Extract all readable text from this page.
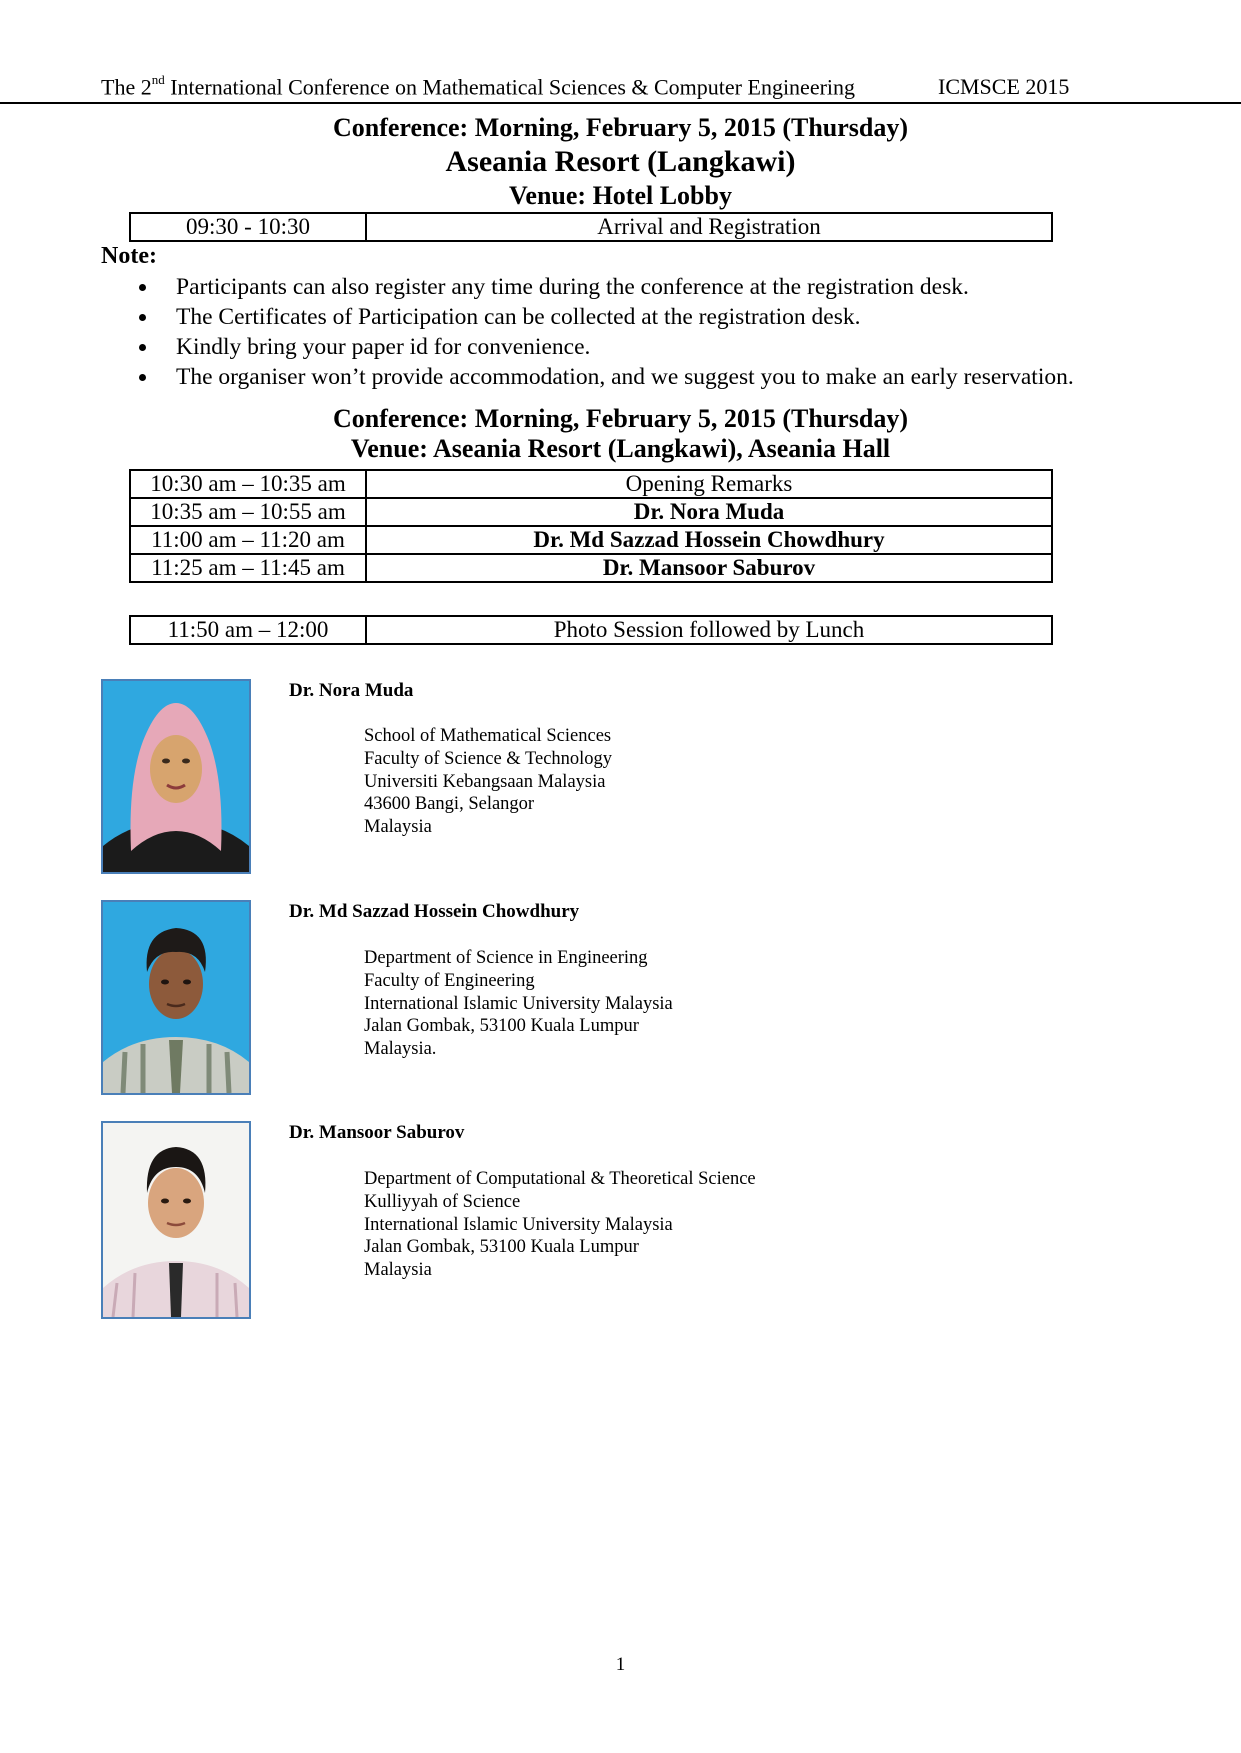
The 2nd International Conference on Mathematical Sciences & Computer Engineering	ICMSCE 2015
Conference: Morning, February 5, 2015 (Thursday)
Aseania Resort (Langkawi)
Venue: Hotel Lobby
09:30 - 10:30	Arrival and Registration
Note:
Participants can also register any time during the conference at the registration desk.
The Certificates of Participation can be collected at the registration desk.
Kindly bring your paper id for convenience.
The organiser won’t provide accommodation, and we suggest you to make an early reservation.
Conference: Morning, February 5, 2015 (Thursday)
Venue: Aseania Resort (Langkawi), Aseania Hall
10:30 am – 10:35 am	Opening Remarks
10:35 am – 10:55 am	Dr. Nora Muda
11:00 am – 11:20 am	Dr. Md Sazzad Hossein Chowdhury
11:25 am – 11:45 am	Dr. Mansoor Saburov
11:50 am – 12:00	Photo Session followed by Lunch
Dr. Nora Muda
School of Mathematical Sciences
Faculty of Science & Technology
Universiti Kebangsaan Malaysia
43600 Bangi, Selangor
Malaysia
Dr. Md Sazzad Hossein Chowdhury
Department of Science in Engineering
Faculty of Engineering
International Islamic University Malaysia
Jalan Gombak, 53100 Kuala Lumpur
Malaysia.
Dr. Mansoor Saburov
Department of Computational & Theoretical Science
Kulliyyah of Science
International Islamic University Malaysia
Jalan Gombak, 53100 Kuala Lumpur
Malaysia
1
